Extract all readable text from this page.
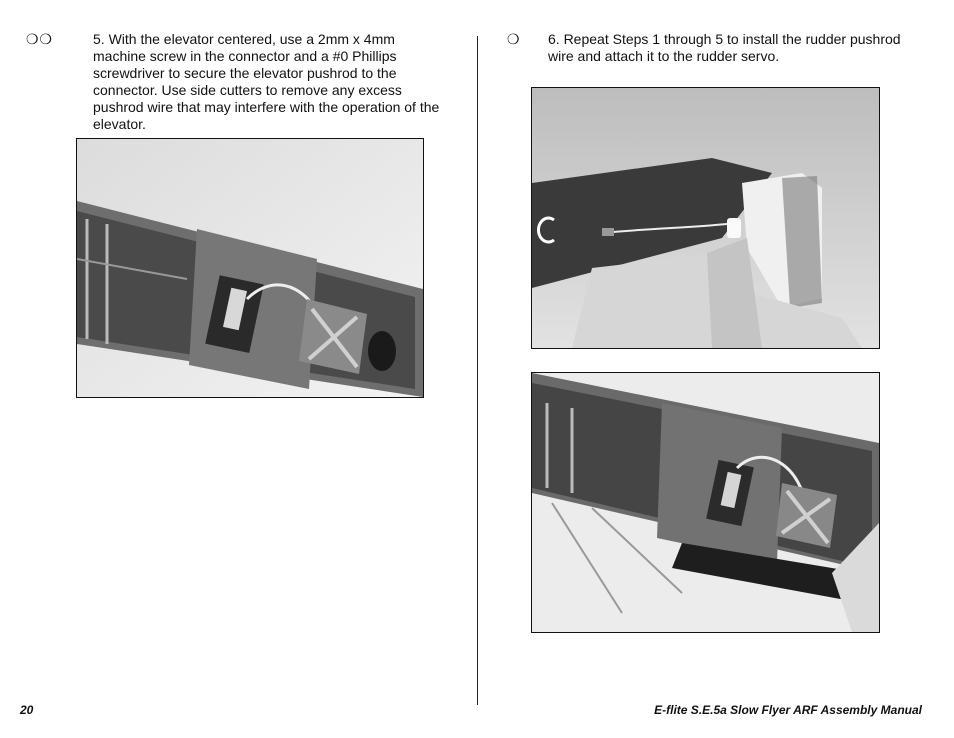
❍❍	5. With the elevator centered, use a 2mm x 4mm machine screw in the connector and a #0 Phillips screwdriver to secure the elevator pushrod to the connector. Use side cutters to remove any excess pushrod wire that may interfere with the operation of the elevator.
❍ 6. Repeat Steps 1 through 5 to install the rudder pushrod wire and attach it to the rudder servo.
20	E-flite S.E.5a Slow Flyer ARF Assembly Manual
